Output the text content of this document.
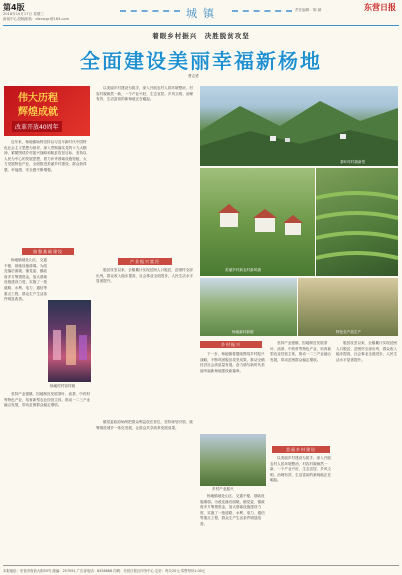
第4版
2018年10月17日 星期三
新闻中心投稿邮箱：dlzxwgc@163.com	城镇	责任编辑：陈 颖	东营日报
着眼乡村振兴　决胜脱贫攻坚
全面建设美丽幸福新杨地
曹志勇
伟大历程
辉煌成就
改革开放40周年

近年来，杨地镇始终坚持以习近平新时代中国特色社会主义思想为指导，深入贯彻落实党的十九大精神，紧紧围绕乡村振兴战略和脱贫攻坚目标，坚持以人民为中心的发展思想，着力补齐基础设施短板，大力发展特色产业，全面推进美丽乡村建设，群众获得感、幸福感、安全感不断增强。

加强基础建设

杨地镇地处山区，交通不便，基础设施薄弱。为改变落后面貌，镇党委、镇政府多方筹措资金，加大基础设施建设力度，实施了一批道路、水利、电力、通信等重点工程，群众生产生活条件明显改善。

杨地村村容村貌

坚持产业强镇，因地制宜发展茶叶、油茶、中药材等特色产业，培育新型农业经营主体，推动一二三产业融合发展，带动贫困群众稳定增收。

以美丽乡村建设为抓手，深入开展农村人居环境整治，村容村貌焕然一新，一个产业兴旺、生态宜居、乡风文明、治理有效、生活富裕的新杨地正在崛起。

产业振兴富民

脱贫攻坚以来，全镇累计实现贫困人口脱贫，贫困村全部出列，群众收入稳步提高，社会事业全面进步，人民生活水平显著提升。

镇党委政府始终把群众利益放在首位，坚持规划引领，统筹推进城乡一体化发展，让群众共享改革发展成果。

茶叶村村貌新景
美丽乡村新农村新风貌
杨地新村新貌	特色农产品生产
乡村振兴

下一步，杨地镇将继续围绕乡村振兴战略，不断巩固脱贫攻坚成果，推动全镇经济社会高质量发展，奋力谱写新时代美丽幸福新杨地建设新篇章。

乡村产业振兴

杨地镇地处山区，交通不便，基础设施薄弱。为改变落后面貌，镇党委、镇政府多方筹措资金，加大基础设施建设力度，实施了一批道路、水利、电力、通信等重点工程，群众生产生活条件明显改善。

坚持产业强镇，因地制宜发展茶叶、油茶、中药材等特色产业，培育新型农业经营主体，推动一二三产业融合发展，带动贫困群众稳定增收。

美丽乡村建设

以美丽乡村建设为抓手，深入开展农村人居环境整治，村容村貌焕然一新，一个产业兴旺、生态宜居、乡风文明、治理有效、生活富裕的新杨地正在崛起。

脱贫攻坚以来，全镇累计实现贫困人口脱贫，贫困村全部出列，群众收入稳步提高，社会事业全面进步，人民生活水平显著提升。

本报地址：东营市府前大街55号 邮编：257091 广告部电话：8358888 印刷：东营日报社印务中心 定价：每月20元 零售每份1.00元
